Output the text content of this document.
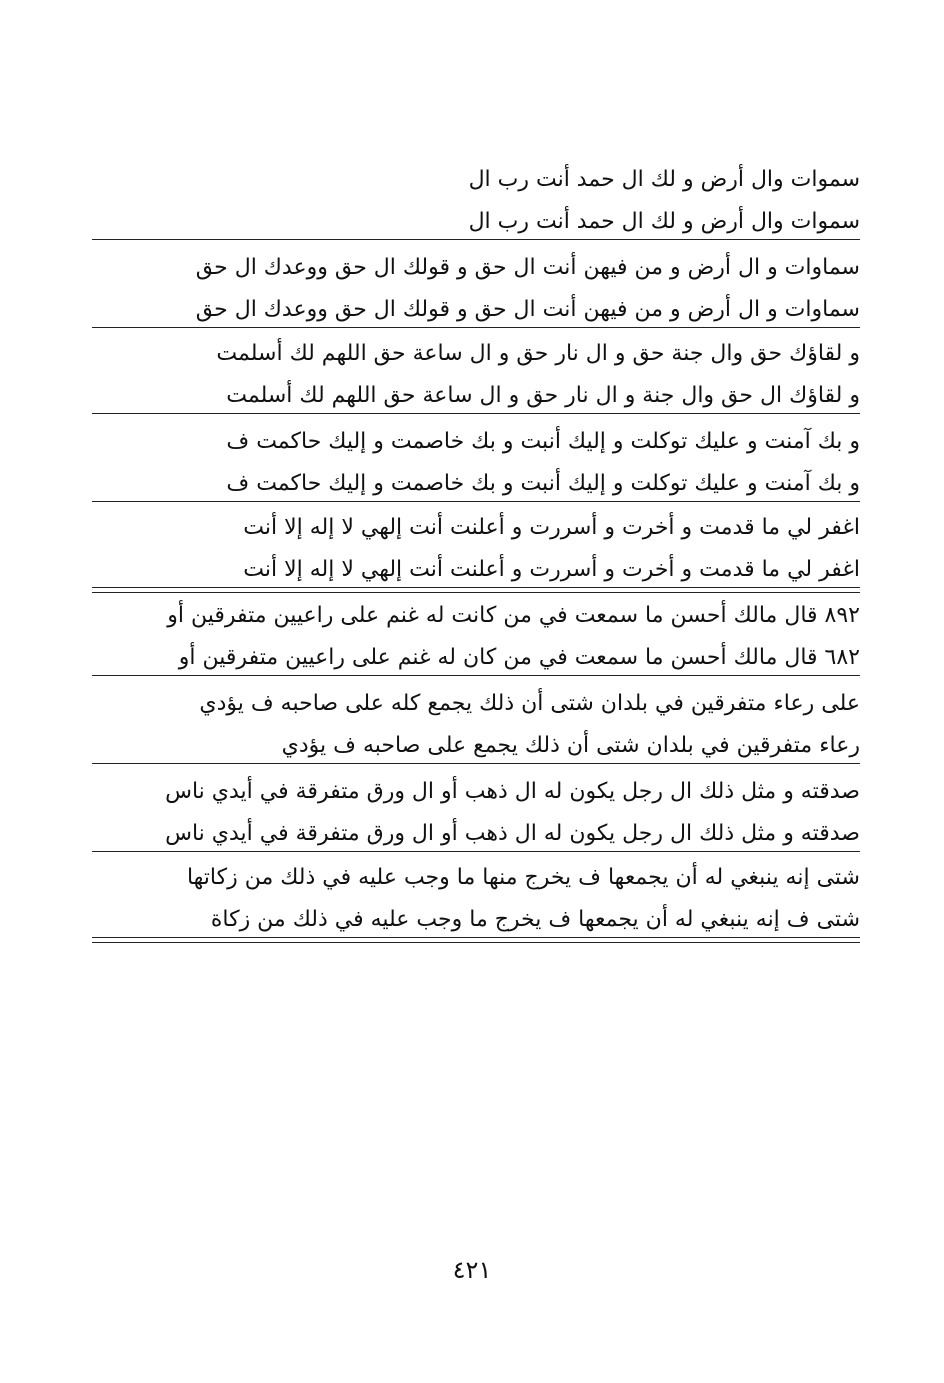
سموات وال أرض و لك ال حمد أنت رب ال
سموات وال أرض و لك ال حمد أنت رب ال
سماوات و ال أرض و من فيهن أنت ال حق و قولك ال حق ووعدك ال حق
سماوات و ال أرض و من فيهن أنت ال حق و قولك ال حق ووعدك ال حق
و لقاؤك حق وال جنة حق و ال نار حق و ال ساعة حق اللهم لك أسلمت
و لقاؤك ال حق وال جنة و ال نار حق و ال ساعة حق اللهم لك أسلمت
و بك آمنت و عليك توكلت و إليك أنبت و بك خاصمت و إليك حاكمت ف
و بك آمنت و عليك توكلت و إليك أنبت و بك خاصمت و إليك حاكمت ف
اغفر لي ما قدمت و أخرت و أسررت و أعلنت أنت إلهي لا إله إلا أنت
اغفر لي ما قدمت و أخرت و أسررت و أعلنت أنت إلهي لا إله إلا أنت
٨٩٢ قال مالك أحسن ما سمعت في من كانت له غنم على راعيين متفرقين أو
٦٨٢ قال مالك أحسن ما سمعت في من كان له غنم على راعيين متفرقين أو
على رعاء متفرقين في بلدان شتى أن ذلك يجمع كله على صاحبه ف يؤدي
رعاء متفرقين في بلدان شتى أن ذلك يجمع على صاحبه ف يؤدي
صدقته و مثل ذلك ال رجل يكون له ال ذهب أو ال ورق متفرقة في أيدي ناس
صدقته و مثل ذلك ال رجل يكون له ال ذهب أو ال ورق متفرقة في أيدي ناس
شتى إنه ينبغي له أن يجمعها ف يخرج منها ما وجب عليه في ذلك من زكاتها
شتى ف إنه ينبغي له أن يجمعها ف يخرج ما وجب عليه في ذلك من زكاة
٤٢١
